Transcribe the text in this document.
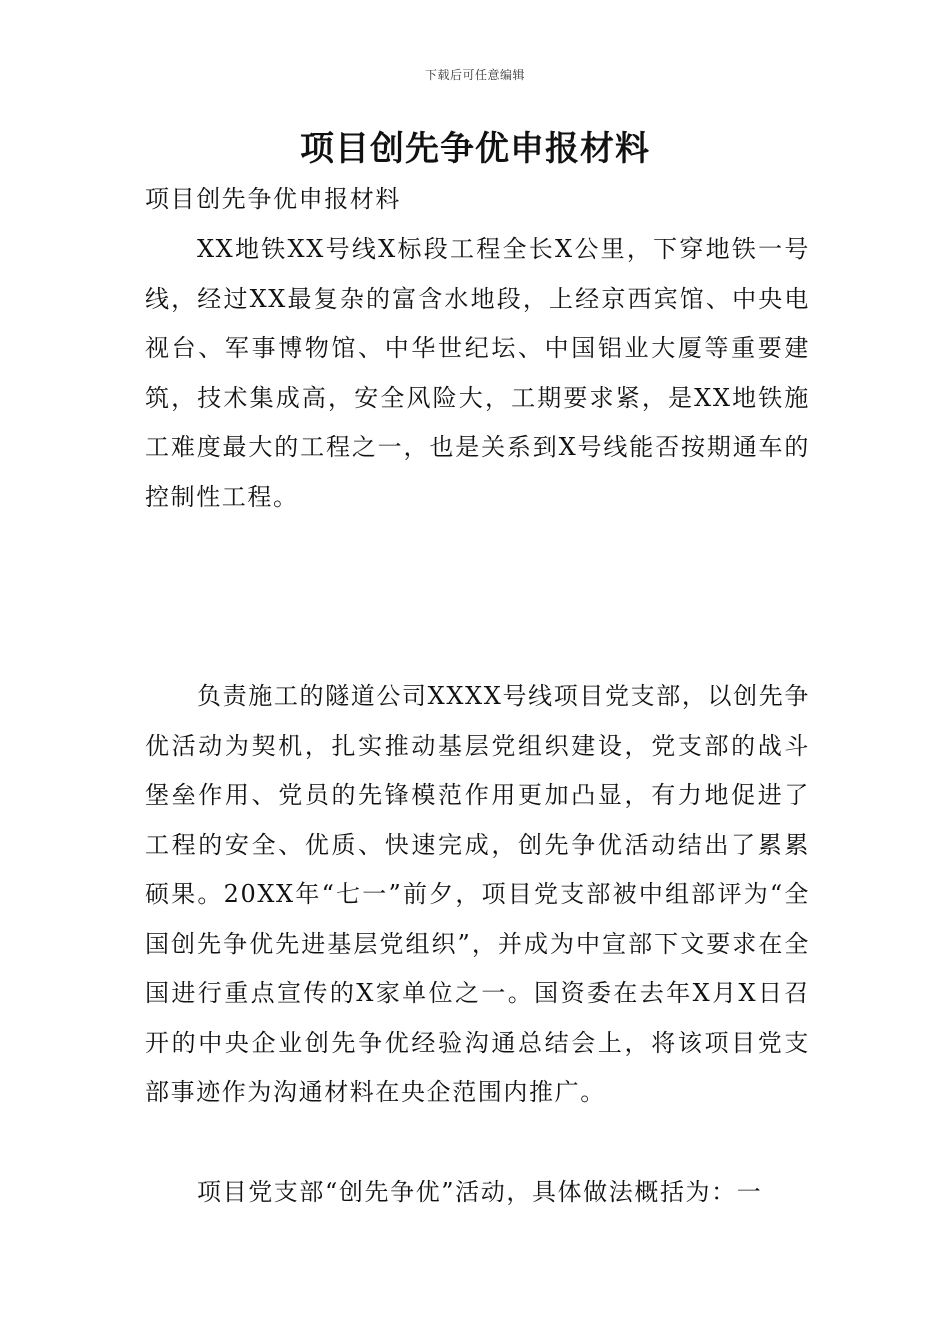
下载后可任意编辑
项目创先争优申报材料
项目创先争优申报材料
XX地铁XX号线X标段工程全长X公里，下穿地铁一号线，经过XX最复杂的富含水地段，上经京西宾馆、中央电视台、军事博物馆、中华世纪坛、中国铝业大厦等重要建筑，技术集成高，安全风险大，工期要求紧，是XX地铁施工难度最大的工程之一，也是关系到X号线能否按期通车的控制性工程。
负责施工的隧道公司XXXX号线项目党支部，以创先争优活动为契机，扎实推动基层党组织建设，党支部的战斗堡垒作用、党员的先锋模范作用更加凸显，有力地促进了工程的安全、优质、快速完成，创先争优活动结出了累累硕果。20XX年“七一”前夕，项目党支部被中组部评为“全国创先争优先进基层党组织”，并成为中宣部下文要求在全国进行重点宣传的X家单位之一。国资委在去年X月X日召开的中央企业创先争优经验沟通总结会上，将该项目党支部事迹作为沟通材料在央企范围内推广。
项目党支部“创先争优”活动，具体做法概括为：一
